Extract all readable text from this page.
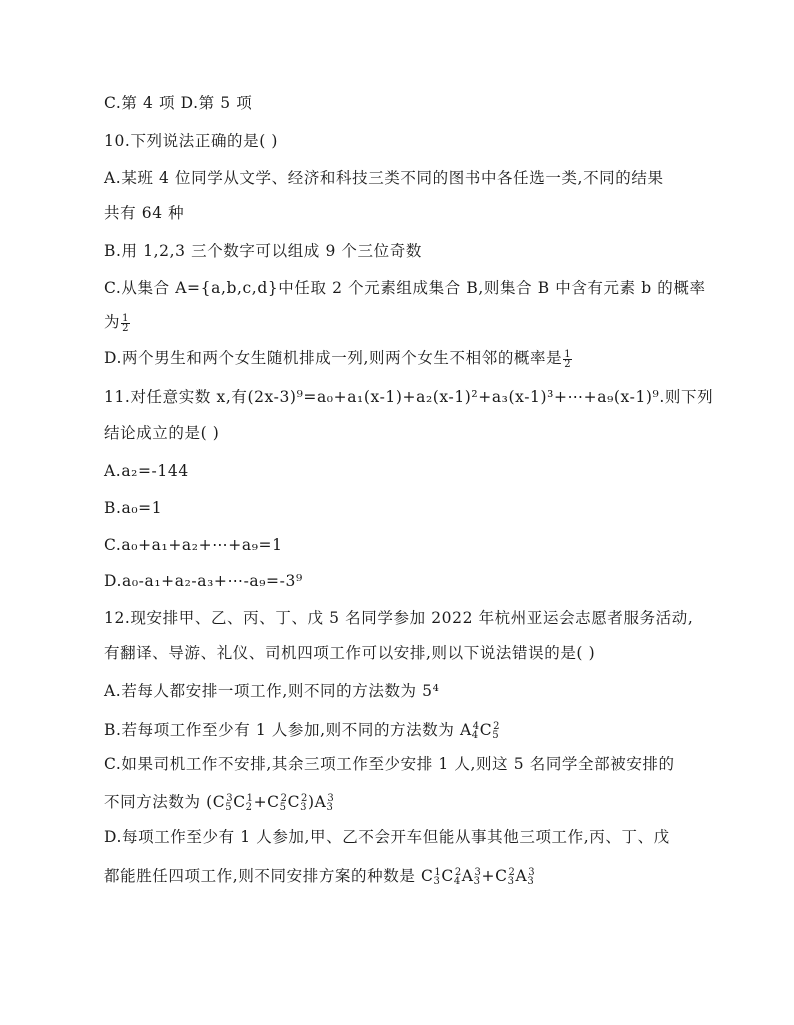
C.第 4 项 D.第 5 项
10.下列说法正确的是( )
A.某班 4 位同学从文学、经济和科技三类不同的图书中各任选一类,不同的结果
共有 64 种
B.用 1,2,3 三个数字可以组成 9 个三位奇数
C.从集合 A={a,b,c,d}中任取 2 个元素组成集合 B,则集合 B 中含有元素 b 的概率
为 $\frac{1}{2}$
D.两个男生和两个女生随机排成一列,则两个女生不相邻的概率是 $\frac{1}{2}$
11.对任意实数 x,有(2x-3)⁹=a₀+a₁(x-1)+a₂(x-1)²+a₃(x-1)³+⋯+a₉(x-1)⁹.则下列
结论成立的是( )
A.a₂=-144
B.a₀=1
C.a₀+a₁+a₂+⋯+a₉=1
D.a₀-a₁+a₂-a₃+⋯-a₉=-3⁹
12.现安排甲、乙、丙、丁、戊 5 名同学参加 2022 年杭州亚运会志愿者服务活动,
有翻译、导游、礼仪、司机四项工作可以安排,则以下说法错误的是( )
A.若每人都安排一项工作,则不同的方法数为 5⁴
B.若每项工作至少有 1 人参加,则不同的方法数为 $A_4^4C_5^2$
C.如果司机工作不安排,其余三项工作至少安排 1 人,则这 5 名同学全部被安排的
不同方法数为 $(C_5^3C_2^1+C_5^2C_3^2)A_3^3$
D.每项工作至少有 1 人参加,甲、乙不会开车但能从事其他三项工作,丙、丁、戊
都能胜任四项工作,则不同安排方案的种数是 $C_3^1C_4^2A_3^3+C_3^2A_3^3$
